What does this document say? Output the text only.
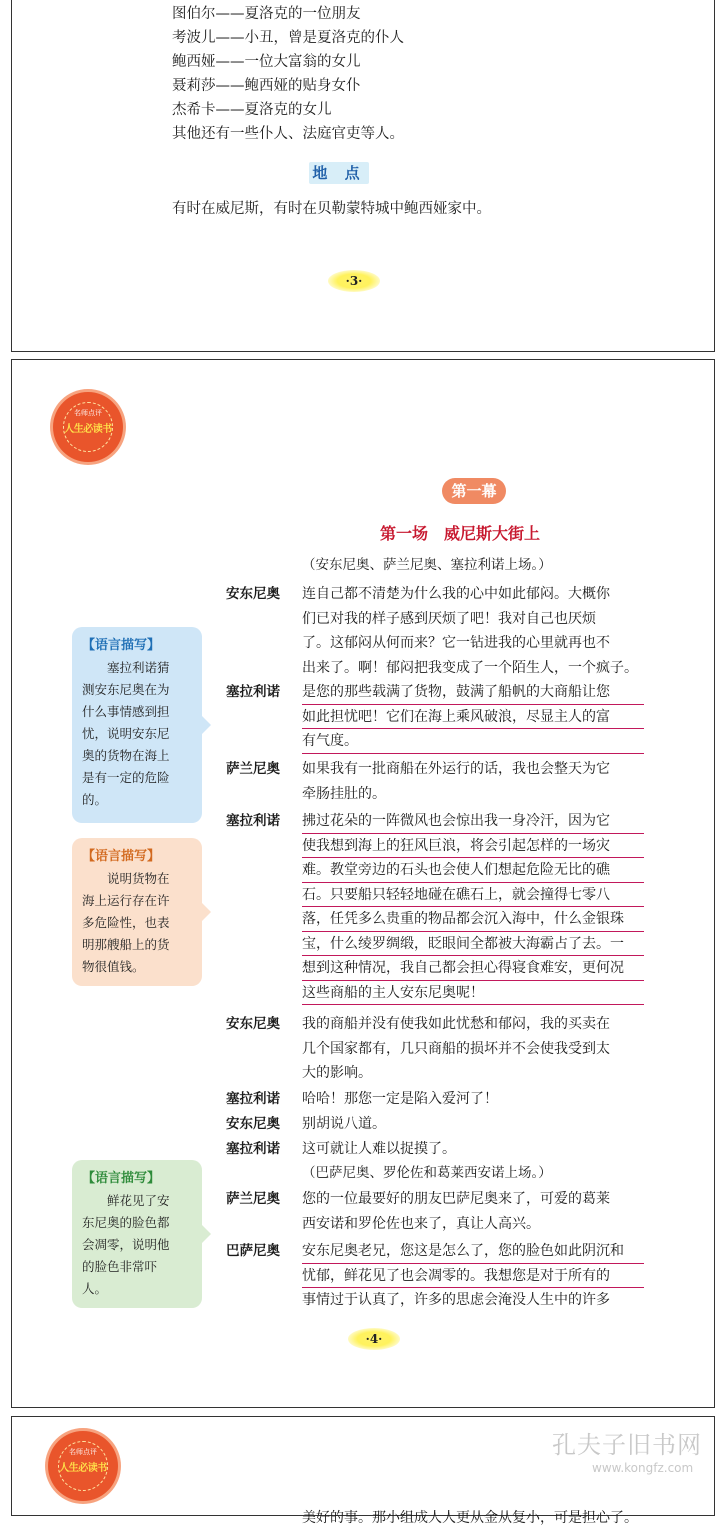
图伯尔——夏洛克的一位朋友
考波儿——小丑，曾是夏洛克的仆人
鲍西娅——一位大富翁的女儿
聂莉莎——鲍西娅的贴身女仆
杰希卡——夏洛克的女儿
其他还有一些仆人、法庭官吏等人。
地 点
有时在威尼斯，有时在贝勒蒙特城中鲍西娅家中。
·3·
名师点评
人生必读书
第一幕
第一场　威尼斯大街上
（安东尼奥、萨兰尼奥、塞拉利诺上场。）
【语言描写】
　　塞拉利诺猜
测安东尼奥在为
什么事情感到担
忧，说明安东尼
奥的货物在海上
是有一定的危险
的。
【语言描写】
　　说明货物在
海上运行存在许
多危险性，也表
明那艘船上的货
物很值钱。
【语言描写】
　　鲜花见了安
东尼奥的脸色都
会凋零，说明他
的脸色非常吓
人。
安东尼奥 连自己都不清楚为什么我的心中如此郁闷。大概你
们已对我的样子感到厌烦了吧！我对自己也厌烦
了。这郁闷从何而来？它一钻进我的心里就再也不
出来了。啊！郁闷把我变成了一个陌生人，一个疯子。
塞拉利诺 是您的那些载满了货物，鼓满了船帆的大商船让您
如此担忧吧！它们在海上乘风破浪，尽显主人的富
有气度。
萨兰尼奥 如果我有一批商船在外运行的话，我也会整天为它
牵肠挂肚的。
塞拉利诺 拂过花朵的一阵微风也会惊出我一身冷汗，因为它
使我想到海上的狂风巨浪，将会引起怎样的一场灾
难。教堂旁边的石头也会使人们想起危险无比的礁
石。只要船只轻轻地碰在礁石上，就会撞得七零八
落，任凭多么贵重的物品都会沉入海中，什么金银珠
宝，什么绫罗绸缎，眨眼间全都被大海霸占了去。一
想到这种情况，我自己都会担心得寝食难安，更何况
这些商船的主人安东尼奥呢！
安东尼奥 我的商船并没有使我如此忧愁和郁闷，我的买卖在
几个国家都有，几只商船的损坏并不会使我受到太
大的影响。
塞拉利诺 哈哈！那您一定是陷入爱河了！
安东尼奥 别胡说八道。
塞拉利诺 这可就让人难以捉摸了。
（巴萨尼奥、罗伦佐和葛莱西安诺上场。）
萨兰尼奥 您的一位最要好的朋友巴萨尼奥来了，可爱的葛莱
西安诺和罗伦佐也来了，真让人高兴。
巴萨尼奥 安东尼奥老兄，您这是怎么了，您的脸色如此阴沉和
忧郁，鲜花见了也会凋零的。我想您是对于所有的
事情过于认真了，许多的思虑会淹没人生中的许多
·4·
名师点评
人生必读书
孔夫子旧书网
www.kongfz.com
美好的事。那小组成人人更从金从复小，可是担心了。
